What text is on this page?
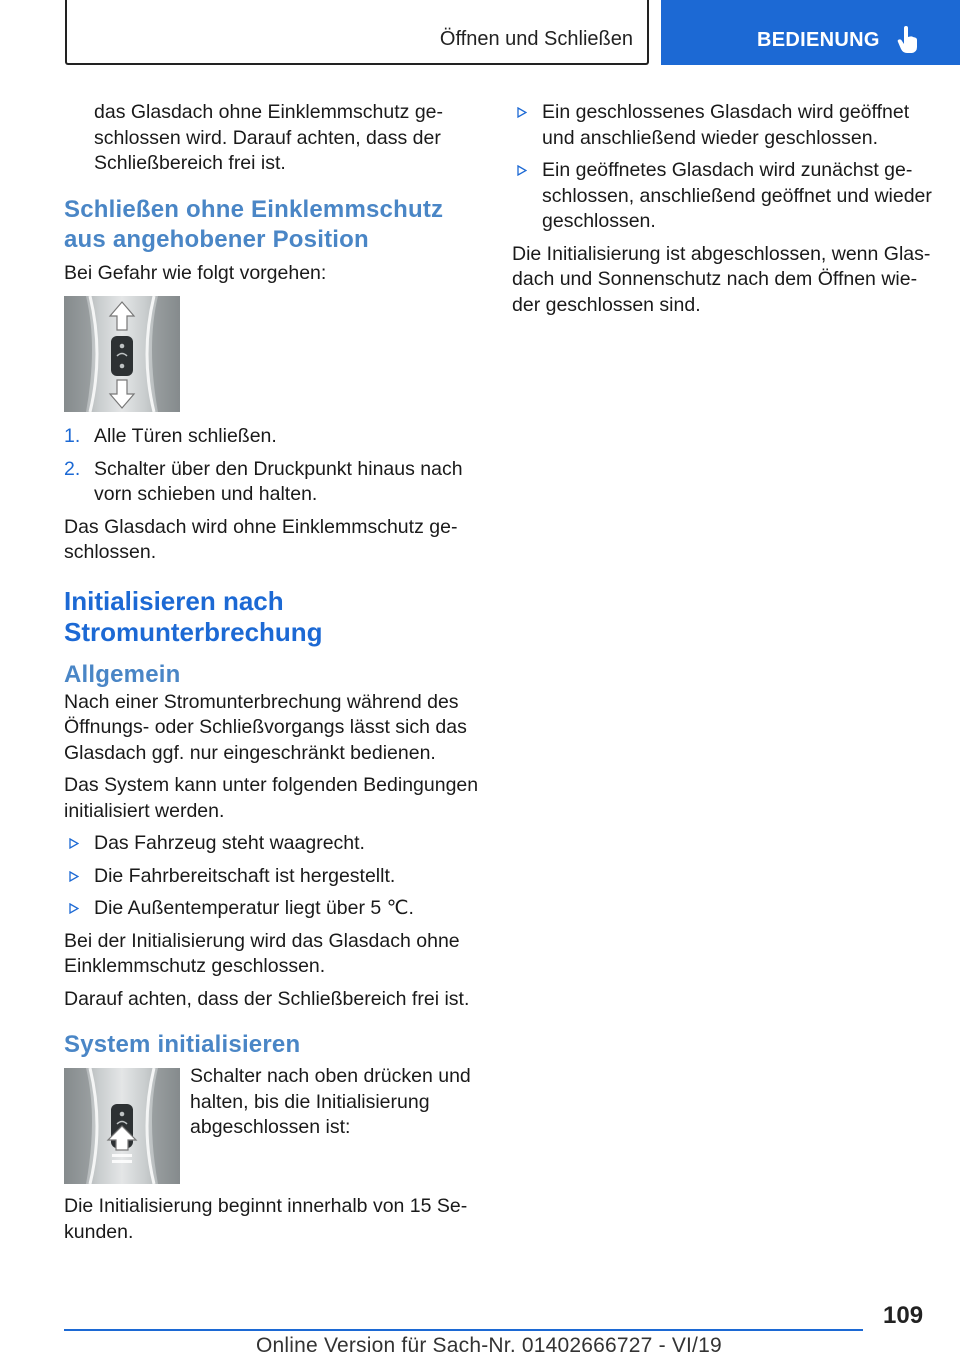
Öffnen und Schließen	BEDIENUNG

das Glasdach ohne Einklemmschutz geschlossen wird. Darauf achten, dass der Schließbereich frei ist.

Schließen ohne Einklemmschutz aus angehobener Position

Bei Gefahr wie folgt vorgehen:

1. Alle Türen schließen.
2. Schalter über den Druckpunkt hinaus nach vorn schieben und halten.

Das Glasdach wird ohne Einklemmschutz geschlossen.

Initialisieren nach Stromunterbrechung
Allgemein

Nach einer Stromunterbrechung während des Öffnungs- oder Schließvorgangs lässt sich das Glasdach ggf. nur eingeschränkt bedienen.

Das System kann unter folgenden Bedingungen initialisiert werden.

Das Fahrzeug steht waagrecht.
Die Fahrbereitschaft ist hergestellt.
Die Außentemperatur liegt über 5 ℃.

Bei der Initialisierung wird das Glasdach ohne Einklemmschutz geschlossen.

Darauf achten, dass der Schließbereich frei ist.

System initialisieren

Schalter nach oben drücken und halten, bis die Initialisierung abgeschlossen ist:

Die Initialisierung beginnt innerhalb von 15 Sekunden.

Ein geschlossenes Glasdach wird geöffnet und anschließend wieder geschlossen.
Ein geöffnetes Glasdach wird zunächst geschlossen, anschließend geöffnet und wieder geschlossen.

Die Initialisierung ist abgeschlossen, wenn Glasdach und Sonnenschutz nach dem Öffnen wieder geschlossen sind.

109
Online Version für Sach-Nr. 01402666727 - VI/19
